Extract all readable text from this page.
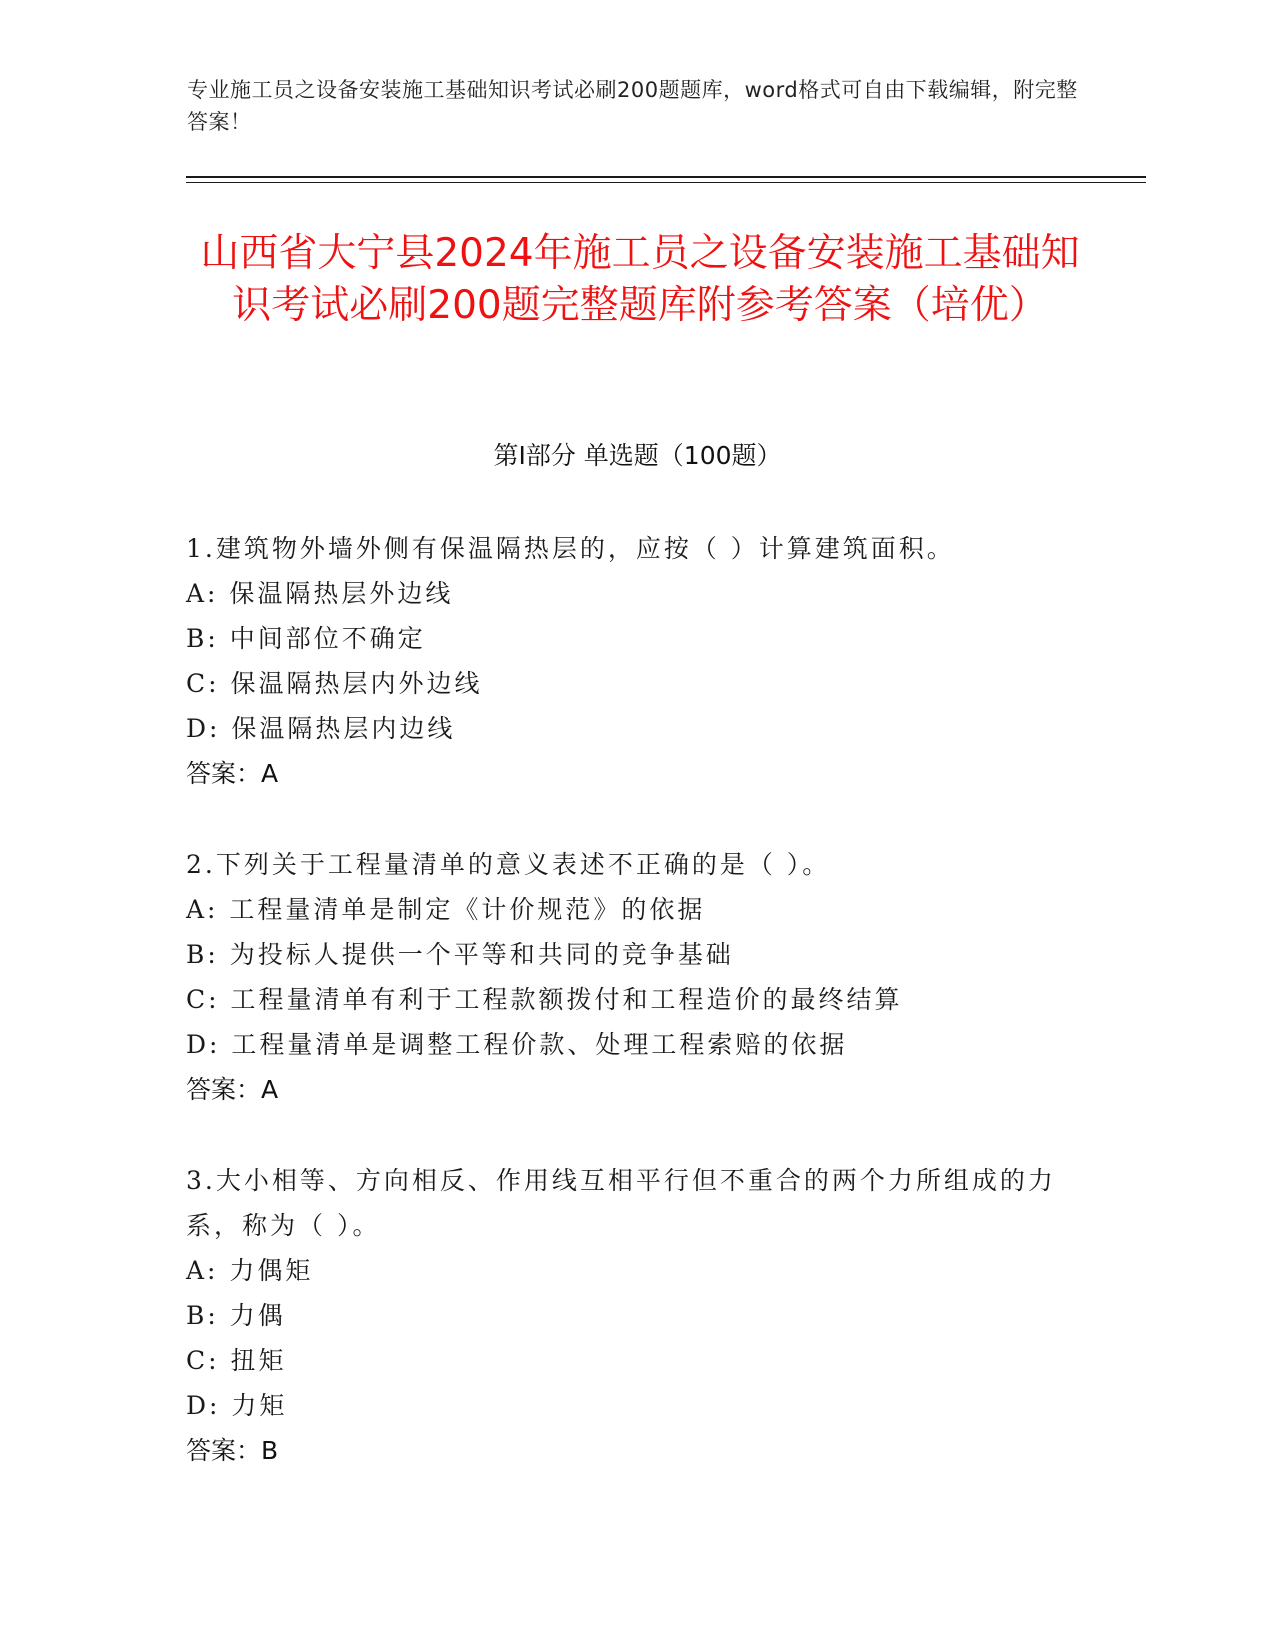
专业施工员之设备安装施工基础知识考试必刷200题题库，word格式可自由下载编辑，附完整答案！
山西省大宁县2024年施工员之设备安装施工基础知识考试必刷200题完整题库附参考答案（培优）
第Ⅰ部分 单选题（100题）
1.建筑物外墙外侧有保温隔热层的，应按（ ）计算建筑面积。
A: 保温隔热层外边线
B: 中间部位不确定
C: 保温隔热层内外边线
D: 保温隔热层内边线
答案：A
2.下列关于工程量清单的意义表述不正确的是（ ）。
A: 工程量清单是制定《计价规范》的依据
B: 为投标人提供一个平等和共同的竞争基础
C: 工程量清单有利于工程款额拨付和工程造价的最终结算
D: 工程量清单是调整工程价款、处理工程索赔的依据
答案：A
3.大小相等、方向相反、作用线互相平行但不重合的两个力所组成的力系，称为（ ）。
A: 力偶矩
B: 力偶
C: 扭矩
D: 力矩
答案：B
